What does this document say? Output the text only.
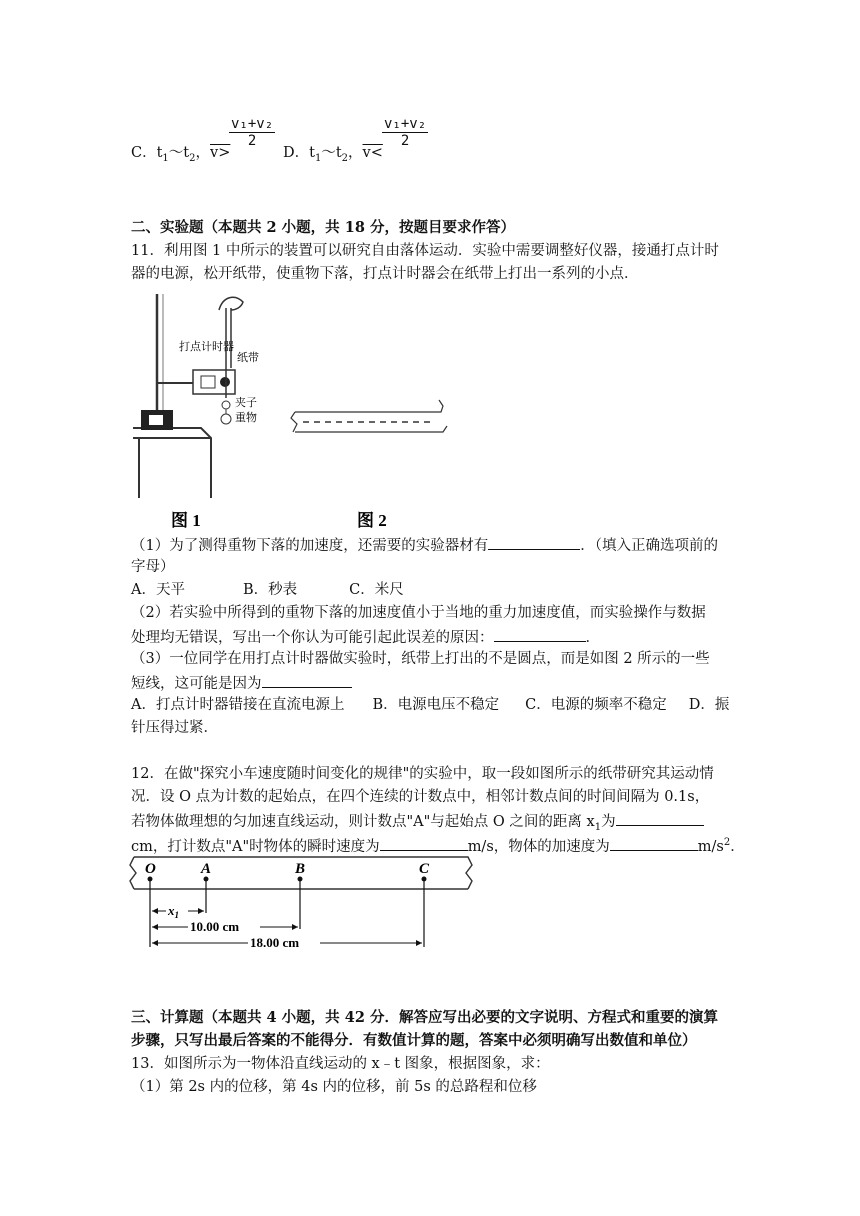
C．$t_1\sim t_2$，v>
$\frac{\text{v₁+v₂}}{2}$
D．$t_1\sim t_2$，v<
$\frac{\text{v₁+v₂}}{2}$
二、实验题（本题共 2 小题，共 18 分，按题目要求作答）
11．利用图 1 中所示的装置可以研究自由落体运动．实验中需要调整好仪器，接通打点计时
器的电源，松开纸带，使重物下落，打点计时器会在纸带上打出一系列的小点．
打点计时器
纸带
夹子
重物
图 1	图 2
（1）为了测得重物下落的加速度，还需要的实验器材有	．（填入正确选项前的
字母）
A．天平	B．秒表	C．米尺
（2）若实验中所得到的重物下落的加速度值小于当地的重力加速度值，而实验操作与数据
处理均无错误，写出一个你认为可能引起此误差的原因：	．
（3）一位同学在用打点计时器做实验时，纸带上打出的不是圆点，而是如图 2 所示的一些
短线，这可能是因为
A．打点计时器错接在直流电源上 B．电源电压不稳定 C．电源的频率不稳定 D．振
针压得过紧．
12．在做"探究小车速度随时间变化的规律"的实验中，取一段如图所示的纸带研究其运动情
况．设 O 点为计数的起始点，在四个连续的计数点中，相邻计数点间的时间间隔为 0.1s，
若物体做理想的匀加速直线运动，则计数点"A"与起始点 O 之间的距离 $x_1$为
cm，打计数点"A"时物体的瞬时速度为	m/s，物体的加速度为	$m/s^2$．
O	A	B	C
$x_1$
10.00 cm
18.00 cm
三、计算题（本题共 4 小题，共 42 分．解答应写出必要的文字说明、方程式和重要的演算
步骤，只写出最后答案的不能得分．有数值计算的题，答案中必须明确写出数值和单位）
13．如图所示为一物体沿直线运动的 x﹣t 图象，根据图象，求：
（1）第 2s 内的位移，第 4s 内的位移，前 5s 的总路程和位移
